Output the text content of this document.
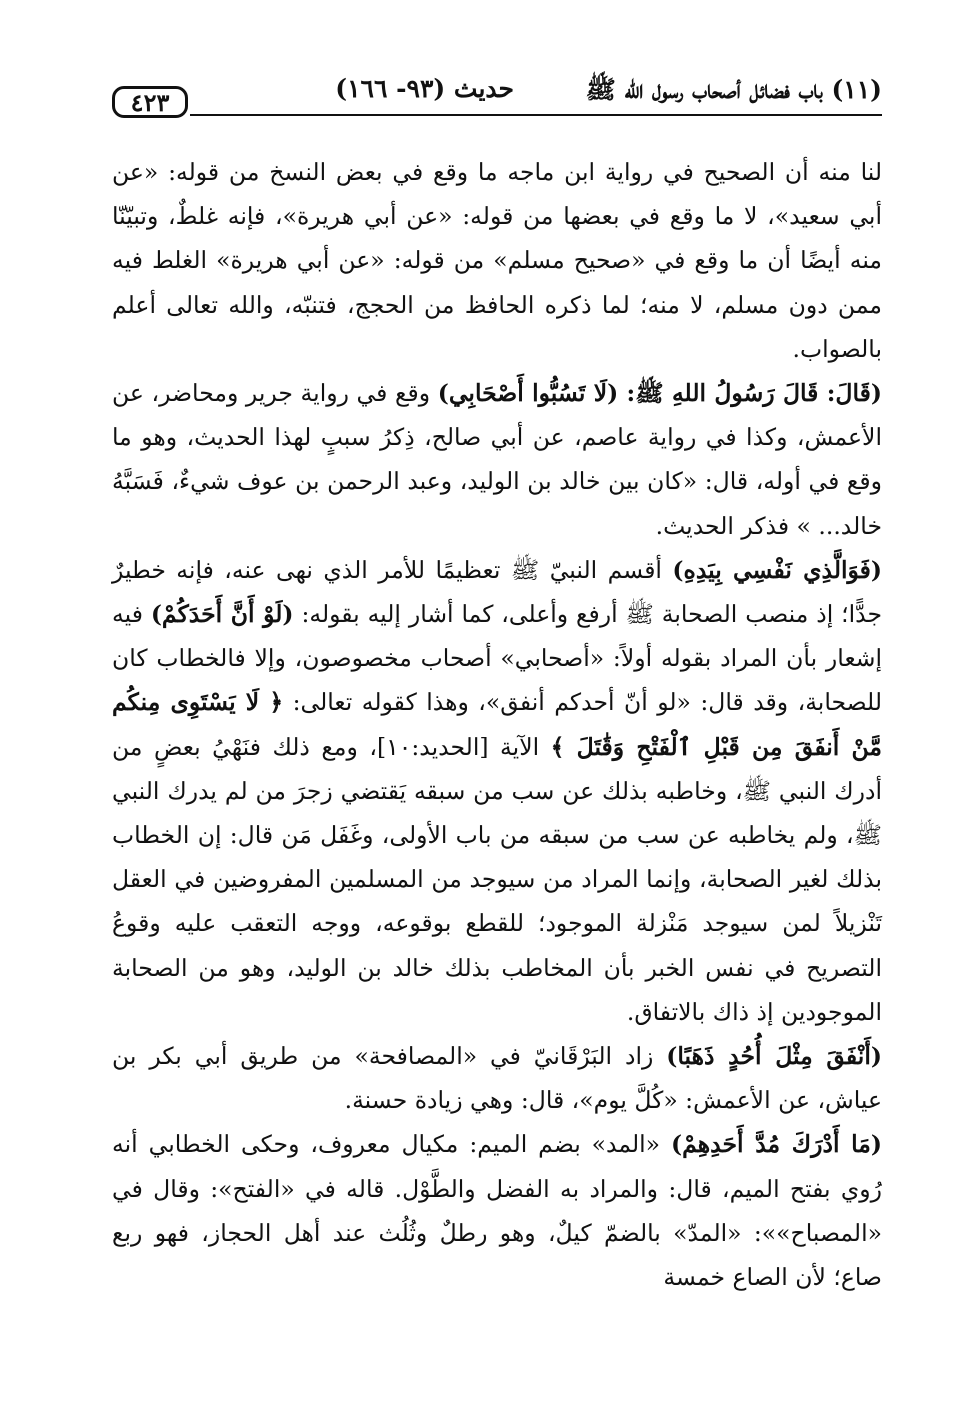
(١١) باب فضائل أصحاب رسول الله ﷺ
حديث (٩٣- ١٦٦)
٤٢٣

لنا منه أن الصحيح في رواية ابن ماجه ما وقع في بعض النسخ من قوله: «عن أبي سعيد»، لا ما وقع في بعضها من قوله: «عن أبي هريرة»، فإنه غلطٌ، وتبيّنّا منه أيضًا أن ما وقع في «صحيح مسلم» من قوله: «عن أبي هريرة» الغلط فيه ممن دون مسلم، لا منه؛ لما ذكره الحافظ من الحجج، فتنبّه، والله تعالى أعلم بالصواب.

(قَالَ: قَالَ رَسُولُ اللهِ ﷺ: (لَا تَسُبُّوا أَصْحَابِي) وقع في رواية جرير ومحاضر، عن الأعمش، وكذا في رواية عاصم، عن أبي صالح، ذِكرُ سببٍ لهذا الحديث، وهو ما وقع في أوله، قال: «كان بين خالد بن الوليد، وعبد الرحمن بن عوف شيءٌ، فَسَبَّهُ خالد... » فذكر الحديث.

(فَوَالَّذِي نَفْسِي بِيَدِهِ) أقسم النبيّ ﷺ تعظيمًا للأمر الذي نهى عنه، فإنه خطيرٌ جدًّا؛ إذ منصب الصحابة ﷺ أرفع وأعلى، كما أشار إليه بقوله: (لَوْ أَنَّ أَحَدَكُمْ) فيه إشعار بأن المراد بقوله أولاً: «أصحابي» أصحاب مخصوصون، وإلا فالخطاب كان للصحابة، وقد قال: «لو أنّ أحدكم أنفق»، وهذا كقوله تعالى: ﴿ لَا يَسْتَوِى مِنكُم مَّنْ أَنفَقَ مِن قَبْلِ ٱلْفَتْحِ وَقَٰتَلَ ﴾ الآية [الحديد:١٠]، ومع ذلك فنَهْيُ بعضٍ من أدرك النبي ﷺ، وخاطبه بذلك عن سب من سبقه يَقتضي زجرَ من لم يدرك النبي ﷺ، ولم يخاطبه عن سب من سبقه من باب الأولى، وغَفَل مَن قال: إن الخطاب بذلك لغير الصحابة، وإنما المراد من سيوجد من المسلمين المفروضين في العقل تَنْزيلاً لمن سيوجد مَنْزلة الموجود؛ للقطع بوقوعه، ووجه التعقب عليه وقوعُ التصريح في نفس الخبر بأن المخاطب بذلك خالد بن الوليد، وهو من الصحابة الموجودين إذ ذاك بالاتفاق.

(أَنْفَقَ مِثْلَ أُحُدٍ ذَهَبًا) زاد البَرْقَانيّ في «المصافحة» من طريق أبي بكر بن عياش، عن الأعمش: «كُلَّ يوم»، قال: وهي زيادة حسنة.

(مَا أَدْرَكَ مُدَّ أَحَدِهِمْ) «المد» بضم الميم: مكيال معروف، وحكى الخطابي أنه رُوي بفتح الميم، قال: والمراد به الفضل والطَّوْل. قاله في «الفتح»: وقال في «المصباح»»: «المدّ» بالضمّ كيلٌ، وهو رطلٌ وثُلُث عند أهل الحجاز، فهو ربع صاع؛ لأن الصاع خمسة
